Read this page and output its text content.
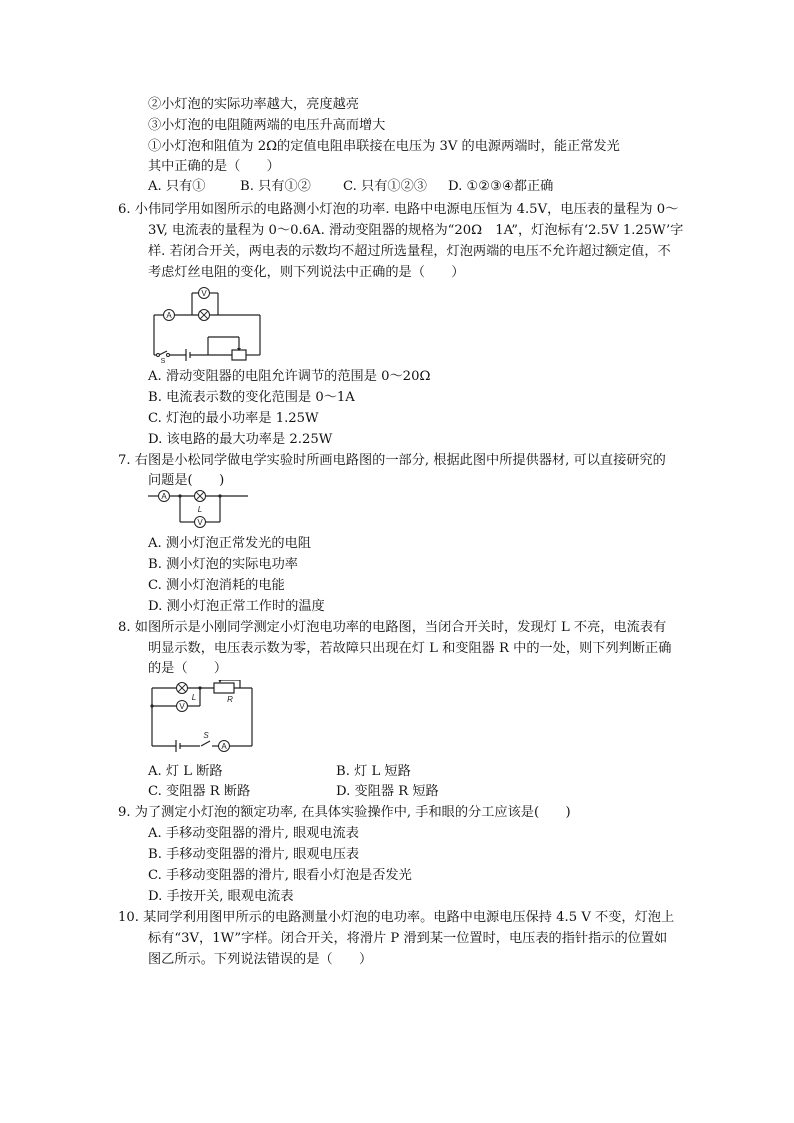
②小灯泡的实际功率越大，亮度越亮
③小灯泡的电阻随两端的电压升高而增大
①小灯泡和阻值为 2Ω的定值电阻串联接在电压为 3V 的电源两端时，能正常发光
其中正确的是（　　）
A. 只有①	B. 只有①② C. 只有①②③ D. ①②③④都正确
6. 小伟同学用如图所示的电路测小灯泡的功率. 电路中电源电压恒为 4.5V，电压表的量程为 0～
3V, 电流表的量程为 0～0.6A. 滑动变阻器的规格为“20Ω　1A”，灯泡标有‘2.5V 1.25W’字
样. 若闭合开关，两电表的示数均不超过所选量程，灯泡两端的电压不允许超过额定值，不
考虑灯丝电阻的变化，则下列说法中正确的是（　　）
A
V
S
A. 滑动变阻器的电阻允许调节的范围是 0～20Ω
B. 电流表示数的变化范围是 0～1A
C. 灯泡的最小功率是 1.25W
D. 该电路的最大功率是 2.25W
7. 右图是小松同学做电学实验时所画电路图的一部分, 根据此图中所提供器材, 可以直接研究的
问题是(　　)
A
L
V
A. 测小灯泡正常发光的电阻
B. 测小灯泡的实际电功率
C. 测小灯泡消耗的电能
D. 测小灯泡正常工作时的温度
8. 如图所示是小刚同学测定小灯泡电功率的电路图，当闭合开关时，发现灯 L 不亮，电流表有
明显示数，电压表示数为零，若故障只出现在灯 L 和变阻器 R 中的一处，则下列判断正确
的是（　　）
L	R
V
S
A
A. 灯 L 断路	B. 灯 L 短路
C. 变阻器 R 断路	D. 变阻器 R 短路
9. 为了测定小灯泡的额定功率, 在具体实验操作中, 手和眼的分工应该是(　　)
A. 手移动变阻器的滑片, 眼观电流表
B. 手移动变阻器的滑片, 眼观电压表
C. 手移动变阻器的滑片, 眼看小灯泡是否发光
D. 手按开关, 眼观电流表
10. 某同学利用图甲所示的电路测量小灯泡的电功率。电路中电源电压保持 4.5 V 不变，灯泡上
标有“3V，1W”字样。闭合开关，将滑片 P 滑到某一位置时，电压表的指针指示的位置如
图乙所示。下列说法错误的是（　　）
